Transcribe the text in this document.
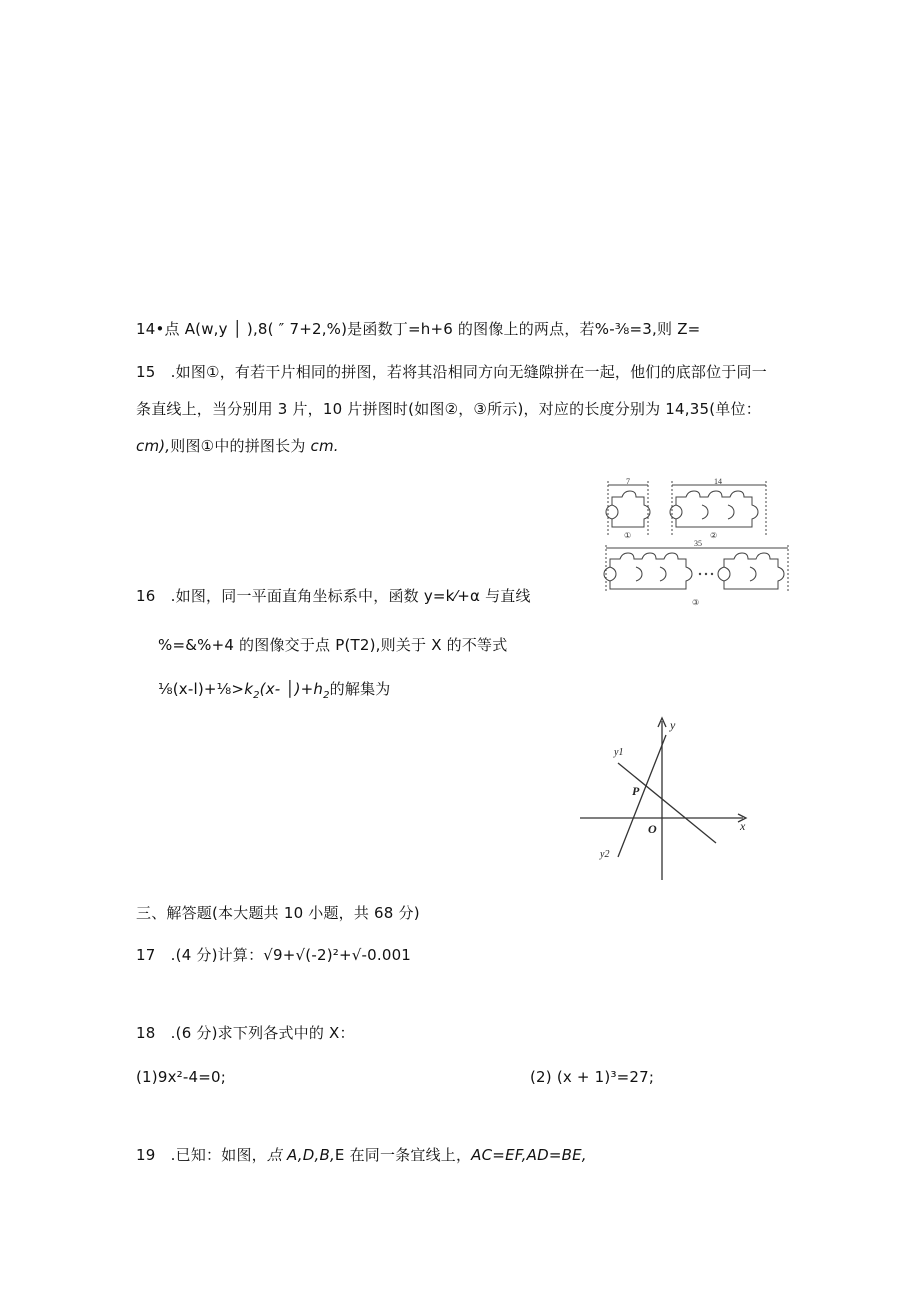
14•点 A(w,y │ ),8( ″ 7+2,%)是函数丁=h+6 的图像上的两点，若%-⅜=3,则 Z=
15　.如图①，有若干片相同的拼图，若将其沿相同方向无缝隙拼在一起，他们的底部位于同一
条直线上，当分别用 3 片，10 片拼图时(如图②，③所示)，对应的长度分别为 14,35(单位：
cm),则图①中的拼图长为 cm.
7	14
35
①	②
③
16　.如图，同一平面直角坐标系中，函数 y=k⁄+α 与直线
%=&%+4 的图像交于点 P(T2),则关于 X 的不等式
$\frac{1}{8}(x-l)+\frac{1}{8}>k_2(x-$ $│)+h_2$的解集为
y
x
y1
y2
P
O
三、解答题(本大题共 10 小题，共 68 分)
17　.(4 分)计算：√9+√(-2)²+√-0.001
18　.(6 分)求下列各式中的 X：
(1)9x²-4=0;	(2) (x + 1)³=27;
19　.已知：如图，点 A,D,B,E 在同一条宜线上，AC=EF,AD=BE,
